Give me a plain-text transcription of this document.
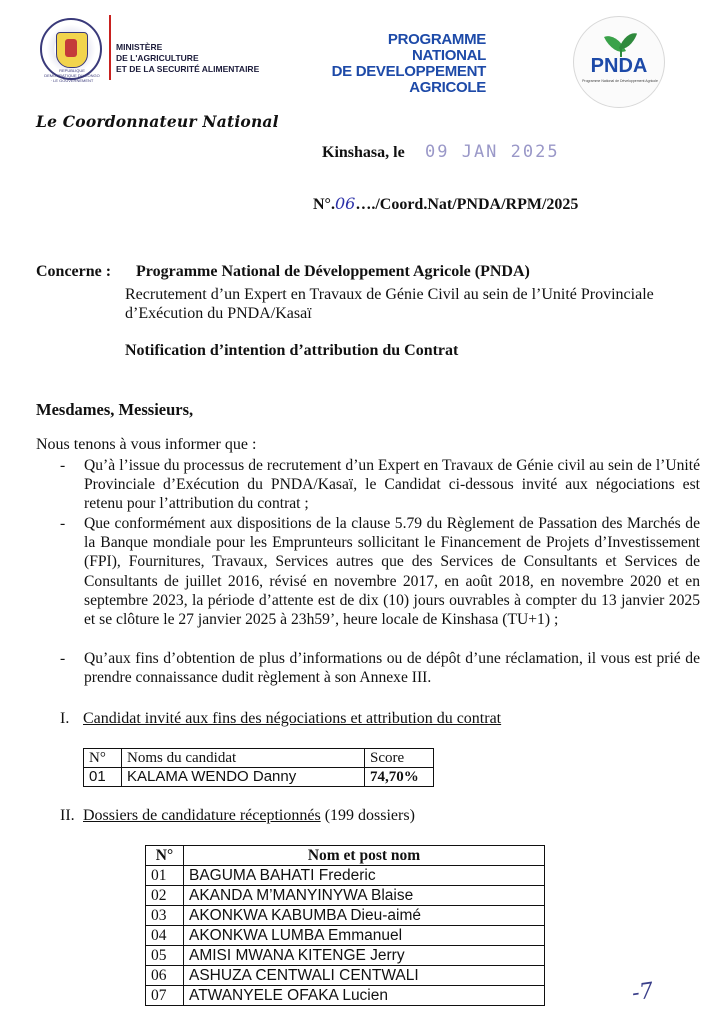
REPUBLIQUE DEMOCRATIQUE DU CONGO · LE GOUVERNEMENT
MINISTÈRE
DE L'AGRICULTURE
ET DE LA SECURITÉ ALIMENTAIRE
PROGRAMME NATIONAL
DE DEVELOPPEMENT
AGRICOLE
PNDA
Programme National de Développement Agricole
Le Coordonnateur National
Kinshasa, le 09 JAN 2025
N°.06…./Coord.Nat/PNDA/RPM/2025
Concerne : Programme National de Développement Agricole (PNDA)
Recrutement d’un Expert en Travaux de Génie Civil au sein de l’Unité Provinciale d’Exécution du PNDA/Kasaï
Notification d’intention d’attribution du Contrat
Mesdames, Messieurs,
Nous tenons à vous informer que :
- Qu’à l’issue du processus de recrutement d’un Expert en Travaux de Génie civil au sein de l’Unité Provinciale d’Exécution du PNDA/Kasaï, le Candidat ci-dessous invité aux négociations est retenu pour l’attribution du contrat ;
- Que conformément aux dispositions de la clause 5.79 du Règlement de Passation des Marchés de la Banque mondiale pour les Emprunteurs sollicitant le Financement de Projets d’Investissement (FPI), Fournitures, Travaux, Services autres que des Services de Consultants et Services de Consultants de juillet 2016, révisé en novembre 2017, en août 2018, en novembre 2020 et en septembre 2023, la période d’attente est de dix (10) jours ouvrables à compter du 13 janvier 2025 et se clôture le 27 janvier 2025 à 23h59’, heure locale de Kinshasa (TU+1) ;
- Qu’aux fins d’obtention de plus d’informations ou de dépôt d’une réclamation, il vous est prié de prendre connaissance dudit règlement à son Annexe III.
I. Candidat invité aux fins des négociations et attribution du contrat
N°	Noms du candidat	Score
01	KALAMA WENDO Danny	74,70%
II. Dossiers de candidature réceptionnés (199 dossiers)
N°	Nom et post nom
01	BAGUMA BAHATI Frederic
02	AKANDA M’MANYINYWA Blaise
03	AKONKWA KABUMBA Dieu-aimé
04	AKONKWA LUMBA Emmanuel
05	AMISI MWANA KITENGE Jerry
06	ASHUZA CENTWALI CENTWALI
07	ATWANYELE OFAKA Lucien	-7
